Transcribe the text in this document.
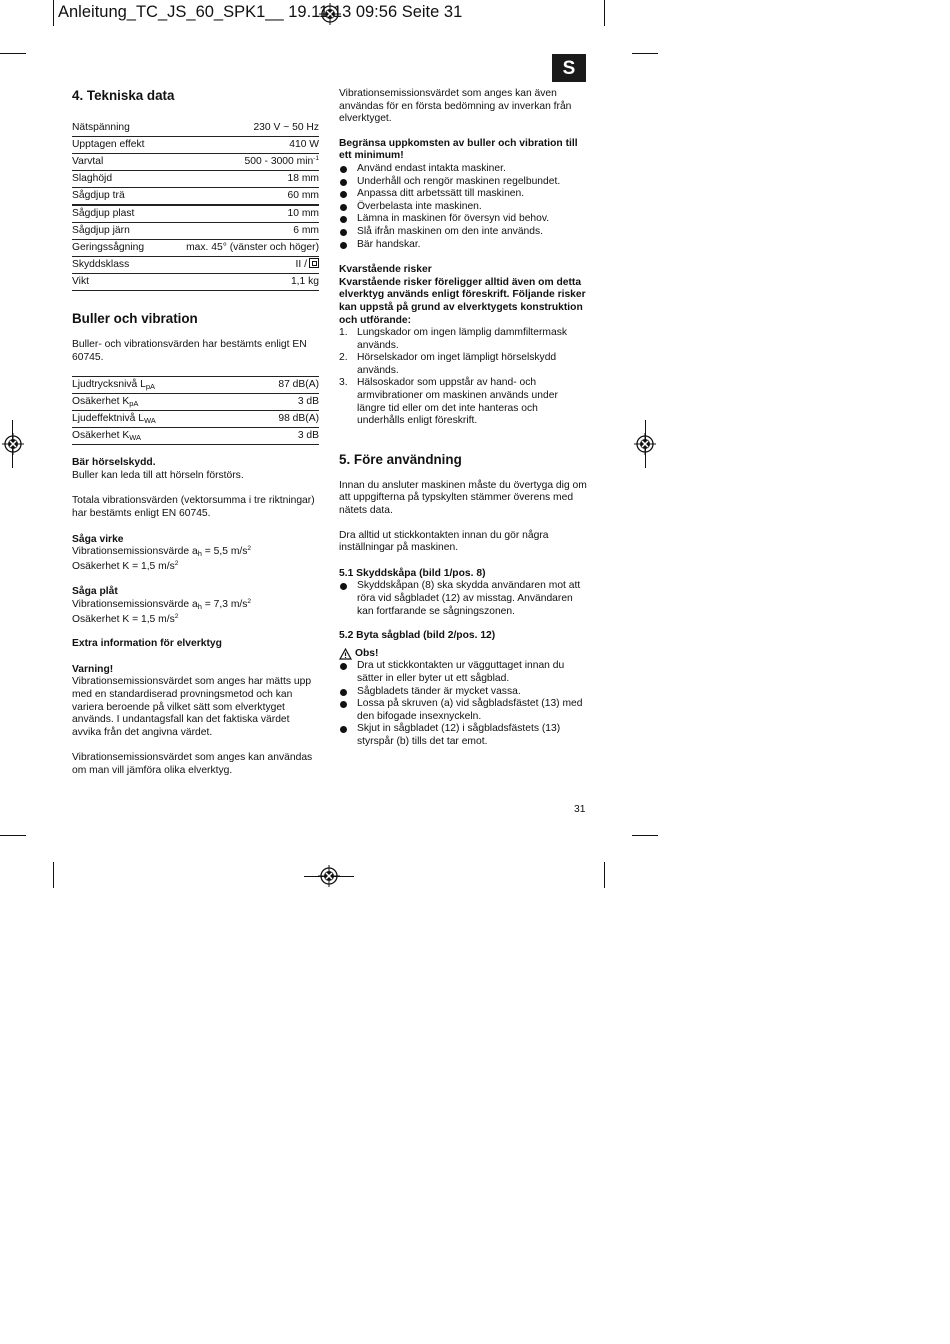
Anleitung_TC_JS_60_SPK1__ 19.11.13 09:56 Seite 31
S
4. Tekniska data
Nätspänning	230 V ~ 50 Hz
Upptagen effekt	410 W
Varvtal	500 - 3000 $\min^{-1}$
Slaghöjd	18 mm
Sågdjup trä	60 mm
Sågdjup plast	10 mm
Sågdjup järn	6 mm
Geringssågning	max. 45° (vänster och höger)
Skyddsklass	II /
Vikt	1,1 kg
Buller och vibration

Buller- och vibrationsvärden har bestämts enligt EN 60745.

Ljudtrycksnivå $L_{pA}$	87 dB(A)
Osäkerhet $K_{pA}$	3 dB
Ljudeffektnivå $L_{WA}$	98 dB(A)
Osäkerhet $K_{WA}$	3 dB
Bär hörselskydd.

Buller kan leda till att hörseln förstörs.

Totala vibrationsvärden (vektorsumma i tre riktningar) har bestämts enligt EN 60745.

Såga virke
Vibrationsemissionsvärde $a_h = 5,5$ $m/s^2$
Osäkerhet K = 1,5 $m/s^2$
Såga plåt
Vibrationsemissionsvärde $a_h = 7,3$ $m/s^2$
Osäkerhet K = 1,5 $m/s^2$
Extra information för elverktyg
Varning!

Vibrationsemissionsvärdet som anges har mätts upp med en standardiserad provningsmetod och kan variera beroende på vilket sätt som elverktyget används. I undantagsfall kan det faktiska värdet avvika från det angivna värdet.

Vibrationsemissionsvärdet som anges kan användas om man vill jämföra olika elverktyg.

Vibrationsemissionsvärdet som anges kan även användas för en första bedömning av inverkan från elverktyget.

Begränsa uppkomsten av buller och vibration till ett minimum!
Använd endast intakta maskiner.
Underhåll och rengör maskinen regelbundet.
Anpassa ditt arbetssätt till maskinen.
Överbelasta inte maskinen.
Lämna in maskinen för översyn vid behov.
Slå ifrån maskinen om den inte används.
Bär handskar.
Kvarstående risker
Kvarstående risker föreligger alltid även om detta elverktyg används enligt föreskrift. Följande risker kan uppstå på grund av elverktygets konstruktion och utförande:
1. Lungskador om ingen lämplig dammfiltermask används.
2. Hörselskador om inget lämpligt hörselskydd används.
3. Hälsoskador som uppstår av hand- och armvibrationer om maskinen används under längre tid eller om det inte hanteras och underhålls enligt föreskrift.
5. Före användning

Innan du ansluter maskinen måste du övertyga dig om att uppgifterna på typskylten stämmer överens med nätets data.

Dra alltid ut stickkontakten innan du gör några inställningar på maskinen.

5.1 Skyddskåpa (bild 1/pos. 8)
Skyddskåpan (8) ska skydda användaren mot att röra vid sågbladet (12) av misstag. Användaren kan fortfarande se sågningszonen.
5.2 Byta sågblad (bild 2/pos. 12)
Obs!
Dra ut stickkontakten ur vägguttaget innan du sätter in eller byter ut ett sågblad.
Sågbladets tänder är mycket vassa.
Lossa på skruven (a) vid sågbladsfästet (13) med den bifogade insexnyckeln.
Skjut in sågbladet (12) i sågbladsfästets (13) styrspår (b) tills det tar emot.
31
